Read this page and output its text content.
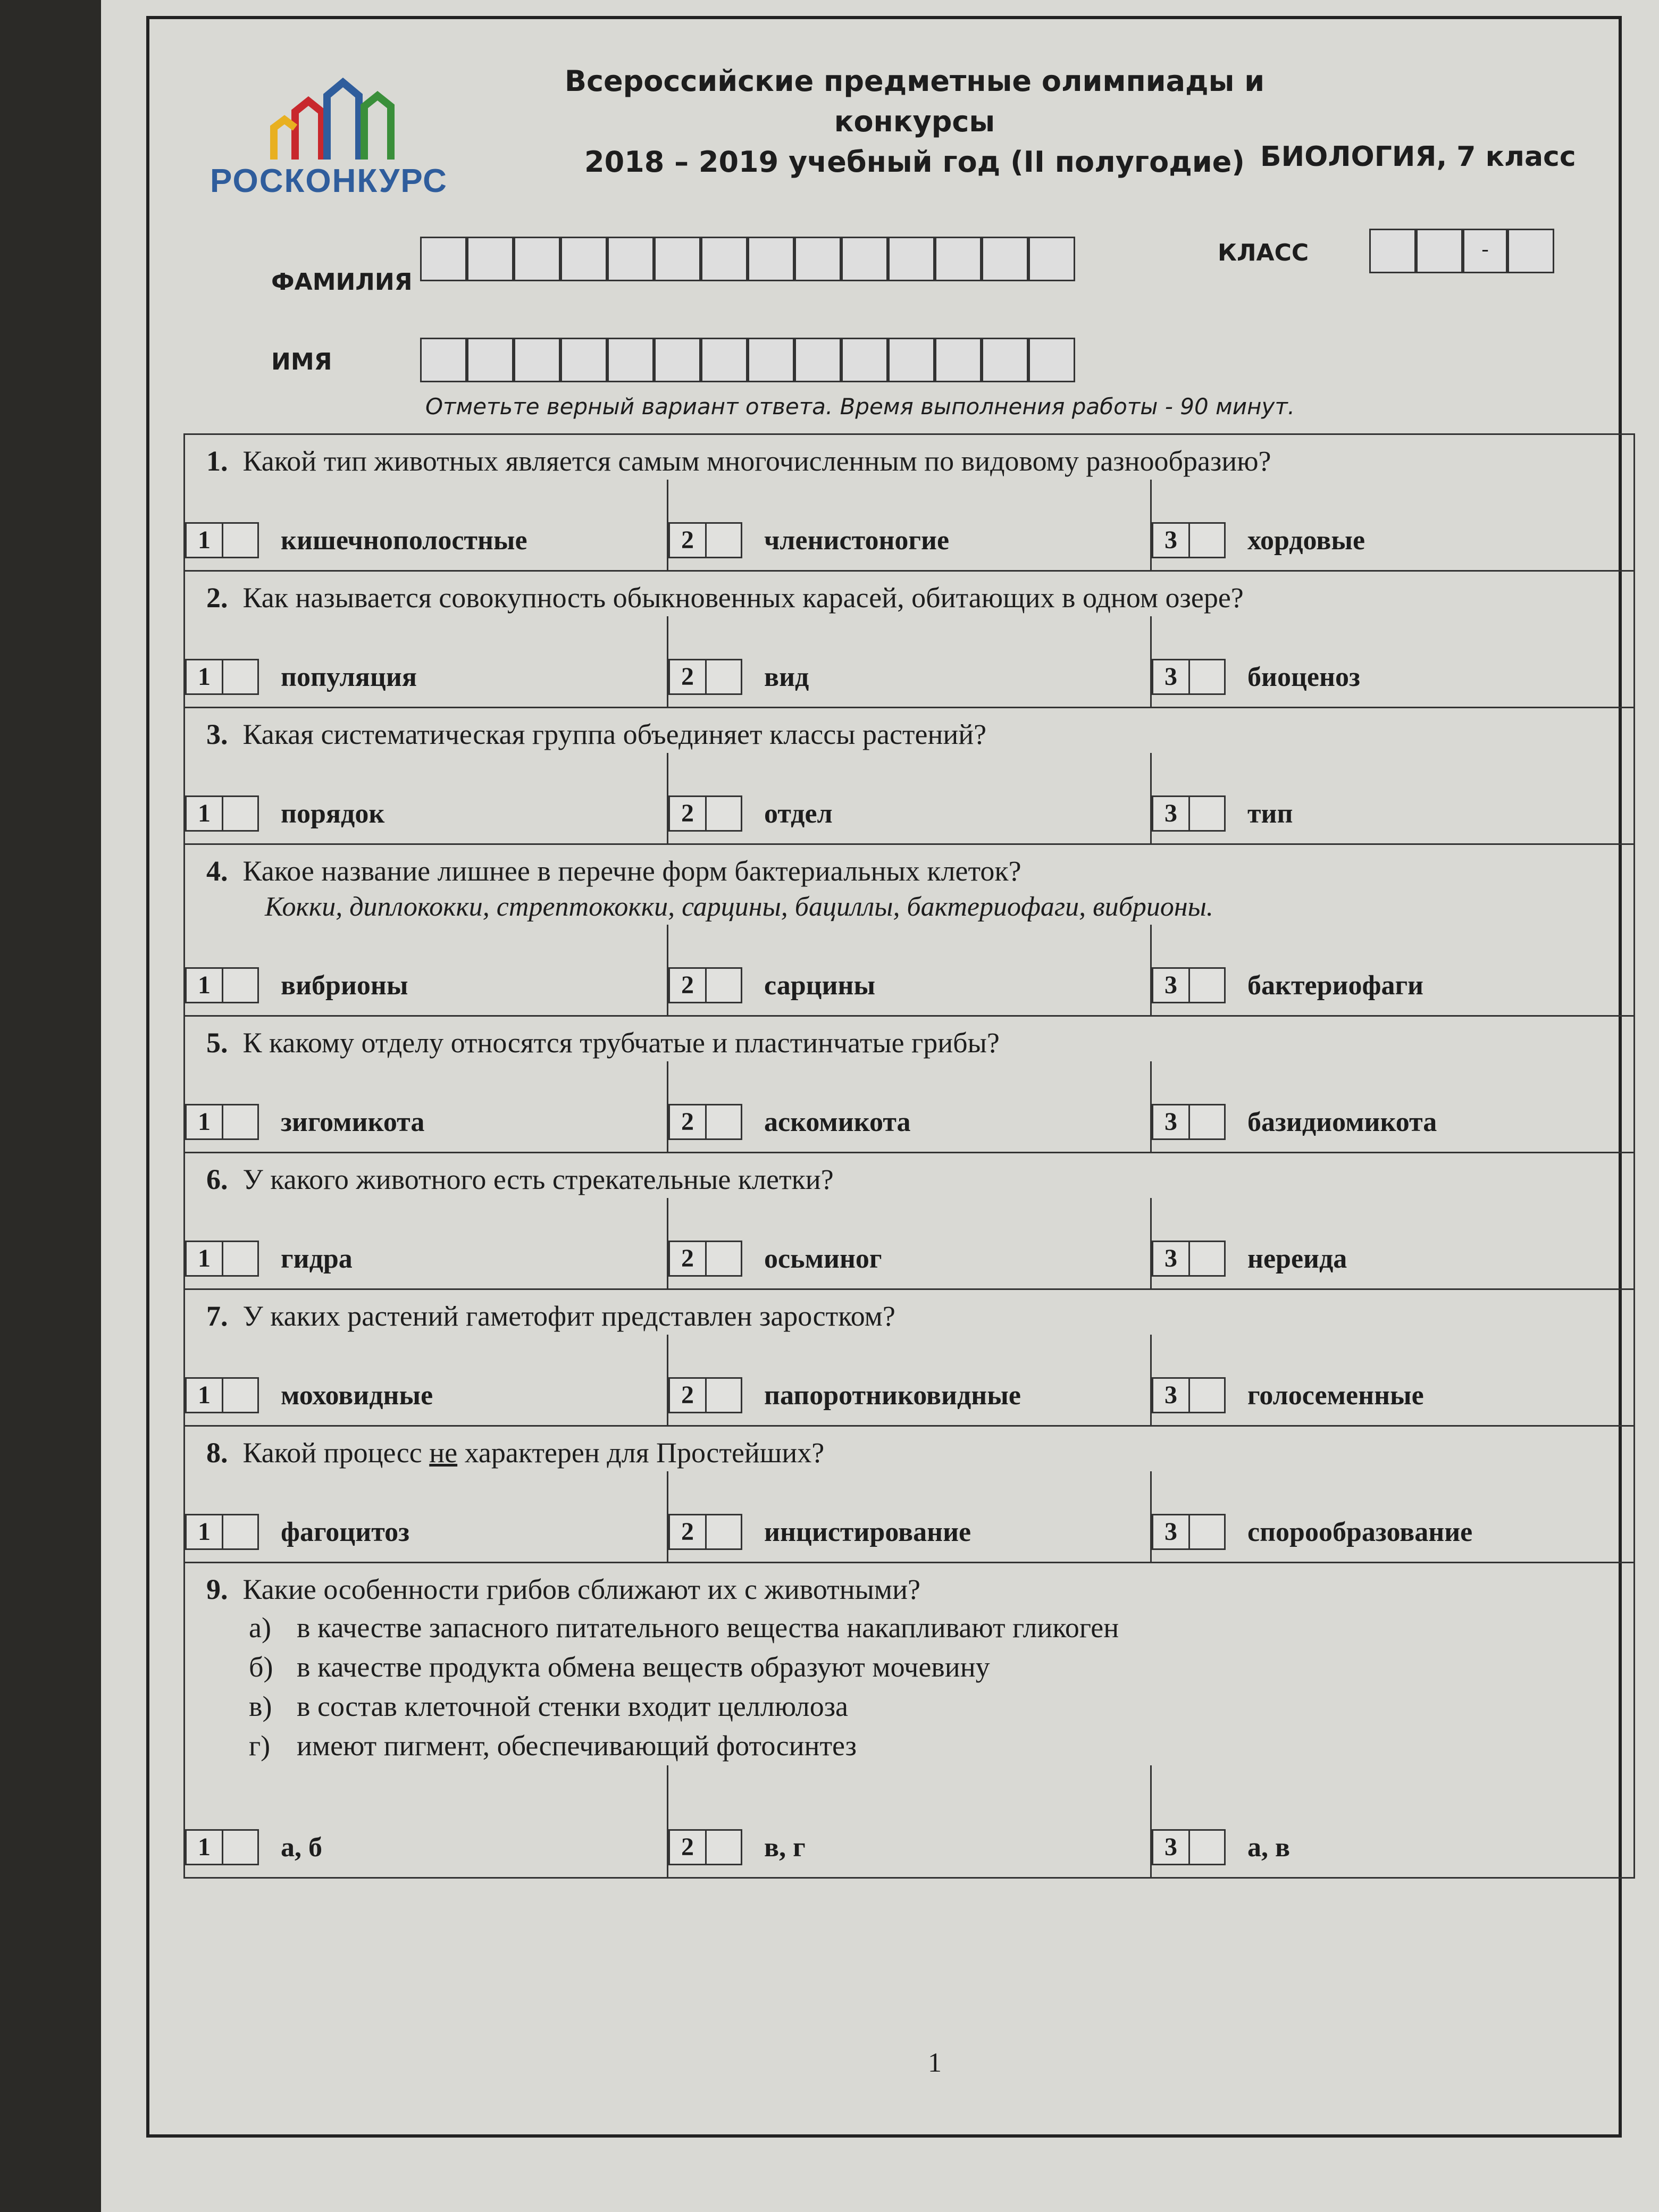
РОСКОНКУРС
Всероссийские предметные олимпиады и конкурсы
2018 – 2019 учебный год (II полугодие) БИОЛОГИЯ, 7 класс
ФАМИЛИЯ
ИМЯ
КЛАСС	-
Отметьте верный вариант ответа. Время выполнения работы - 90 минут.
1. Какой тип животных является самым многочисленным по видовому разнообразию?
1	кишечнополостные	2	членистоногие	3	хордовые
2. Как называется совокупность обыкновенных карасей, обитающих в одном озере?
1	популяция	2	вид	3	биоценоз
3. Какая систематическая группа объединяет классы растений?
1	порядок	2	отдел	3	тип
4. Какое название лишнее в перечне форм бактериальных клеток?
Кокки, диплококки, стрептококки, сарцины, бациллы, бактериофаги, вибрионы.
1	вибрионы	2	сарцины	3	бактериофаги
5. К какому отделу относятся трубчатые и пластинчатые грибы?
1	зигомикота	2	аскомикота	3	базидиомикота
6. У какого животного есть стрекательные клетки?
1	гидра	2	осьминог	3	нереида
7. У каких растений гаметофит представлен заростком?
1	моховидные	2	папоротниковидные	3	голосеменные
8. Какой процесс не характерен для Простейших?
1	фагоцитоз	2	инцистирование	3	спорообразование
9. Какие особенности грибов сближают их с животными?
а) в качестве запасного питательного вещества накапливают гликоген
б) в качестве продукта обмена веществ образуют мочевину
в) в состав клеточной стенки входит целлюлоза
г) имеют пигмент, обеспечивающий фотосинтез
1	а, б	2	в, г	3	а, в
1
